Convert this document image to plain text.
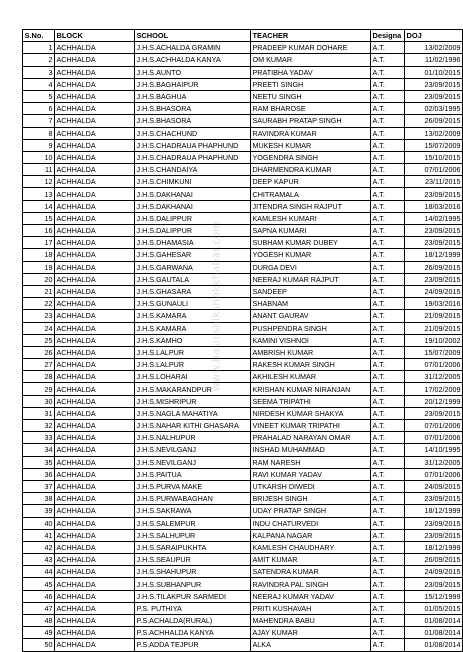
S.No.	BLOCK	SCHOOL	TEACHER	Designa	DOJ
1	ACHHALDA	J.H.S.ACHALDA GRAMIN	PRADEEP KUMAR DOHARE	A.T.	13/02/2009
2	ACHHALDA	J.H.S.ACHHALDA KANYA	OM KUMAR	A.T.	11/02/1996
3	ACHHALDA	J.H.S.AUNTO	PRATIBHA YADAV	A.T.	01/10/2015
4	ACHHALDA	J.H.S.BAGHAIPUR	PREETI SINGH	A.T.	23/09/2015
5	ACHHALDA	J.H.S.BAGHUA	NEETU SINGH	A.T.	23/09/2015
6	ACHHALDA	J.H.S.BHASORA	RAM BHAROSE	A.T.	02/03/1995
7	ACHHALDA	J.H.S.BHASORA	SAURABH PRATAP SINGH	A.T.	26/09/2015
8	ACHHALDA	J.H.S.CHACHUND	RAVINDRA KUMAR	A.T.	13/02/2009
9	ACHHALDA	J.H.S.CHADRAUA PHAPHUND	MUKESH KUMAR	A.T.	15/07/2009
10	ACHHALDA	J.H.S.CHADRAUA PHAPHUND	YOGENDRA SINGH	A.T.	15/10/2015
11	ACHHALDA	J.H.S.CHANDAIYA	DHARMENDRA KUMAR	A.T.	07/01/2006
12	ACHHALDA	J.H.S.CHIMKUNI	DEEP KAPUR	A.T.	23/11/2015
13	ACHHALDA	J.H.S.DAKHANAI	CHITRAMALA	A.T.	23/09/2015
14	ACHHALDA	J.H.S.DAKHANAI	JITENDRA SINGH RAJPUT	A.T.	18/03/2016
15	ACHHALDA	J.H.S.DALIPPUR	KAMLESH KUMARI	A.T.	14/02/1995
16	ACHHALDA	J.H.S.DALIPPUR	SAPNA KUMARI	A.T.	23/09/2015
17	ACHHALDA	J.H.S.DHAMASIA	SUBHAM KUMAR DUBEY	A.T.	23/09/2015
18	ACHHALDA	J.H.S.GAHESAR	YOGESH KUMAR	A.T.	18/12/1999
19	ACHHALDA	J.H.S.GARWANA	DURGA DEVI	A.T.	26/09/2015
20	ACHHALDA	J.H.S.GAUTALA	NEERAJ KUMAR RAJPUT	A.T.	23/09/2015
21	ACHHALDA	J.H.S.GHASARA	SANDEEP	A.T.	24/09/2015
22	ACHHALDA	J.H.S.GUNAULI	SHABNAM	A.T.	19/03/2016
23	ACHHALDA	J.H.S.KAMARA	ANANT GAURAV	A.T.	21/09/2015
24	ACHHALDA	J.H.S.KAMARA	PUSHPENDRA SINGH	A.T.	21/09/2015
25	ACHHALDA	J.H.S.KAMHO	KAMINI VISHNOI	A.T.	19/10/2002
26	ACHHALDA	J.H.S.LALPUR	AMBRISH KUMAR	A.T.	15/07/2009
27	ACHHALDA	J.H.S.LALPUR	RAKESH KUMAR SINGH	A.T.	07/01/2006
28	ACHHALDA	J.H.S.LOHARAI	AKHILESH KUMAR	A.T.	31/12/2005
29	ACHHALDA	J.H.S.MAKARANDPUR	KRISHAN KUMAR NIRANJAN	A.T.	17/02/2009
30	ACHHALDA	J.H.S.MISHRIPUR	SEEMA TRIPATHI	A.T.	20/12/1999
31	ACHHALDA	J.H.S.NAGLA MAHATIYA	NIRDESH KUMAR SHAKYA	A.T.	23/09/2015
32	ACHHALDA	J.H.S.NAHAR KITHI GHASARA	VINEET KUMAR TRIPATHI	A.T.	07/01/2006
33	ACHHALDA	J.H.S.NALHUPUR	PRAHALAD NARAYAN OMAR	A.T.	07/01/2006
34	ACHHALDA	J.H.S.NEVILGANJ	INSHAD MUHAMMAD	A.T.	14/10/1995
35	ACHHALDA	J.H.S.NEVILGANJ	RAM NARESH	A.T.	31/12/2005
36	ACHHALDA	J.H.S.PAITUA	RAVI KUMAR YADAV	A.T.	07/01/2006
37	ACHHALDA	J.H.S.PURVA MAKE	UTKARSH DIWEDI	A.T.	24/09/2015
38	ACHHALDA	J.H.S.PURWABAGHAN	BRIJESH SINGH	A.T.	23/09/2015
39	ACHHALDA	J.H.S.SAKRAWA	UDAY PRATAP SINGH	A.T.	18/12/1999
40	ACHHALDA	J.H.S.SALEMPUR	INDU CHATURVEDI	A.T.	23/09/2015
41	ACHHALDA	J.H.S.SALHUPUR	KALPANA NAGAR	A.T.	23/09/2015
42	ACHHALDA	J.H.S.SARAIPUKHTA	KAMLESH CHAUDHARY	A.T.	18/12/1999
43	ACHHALDA	J.H.S.SEAUPUR	AMIT KUMAR	A.T.	26/09/2015
44	ACHHALDA	J.H.S.SHAHUPUR	SATENDRA KUMAR	A.T.	24/09/2015
45	ACHHALDA	J.H.S.SUBHANPUR	RAVINDRA PAL SINGH	A.T.	23/09/2015
46	ACHHALDA	J.H.S.TILAKPUR SARMEDI	NEERAJ KUMAR YADAV	A.T.	15/12/1999
47	ACHHALDA	P.S. PUTHIYA	PRITI KUSHAVAH	A.T.	01/05/2015
48	ACHHALDA	P.S.ACHALDA(RURAL)	MAHENDRA BABU	A.T.	01/08/2014
49	ACHHALDA	P.S.ACHHALDA KANYA	AJAY KUMAR	A.T.	01/08/2014
50	ACHHALDA	P.S.ADDA TEJPUR	ALKA	A.T.	01/08/2014
www.basicshikshakkhabar.com
